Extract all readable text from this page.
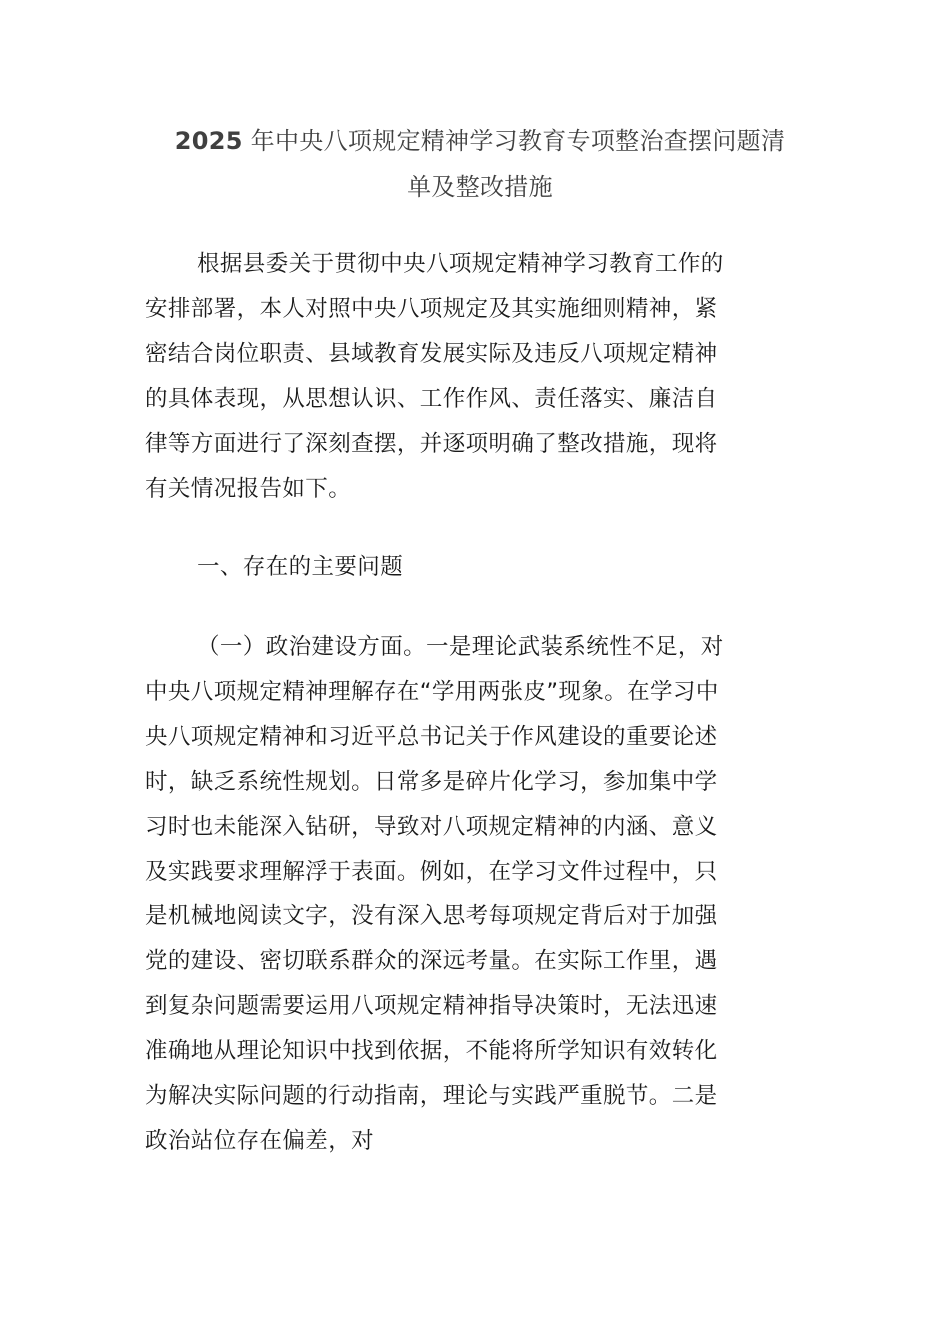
2025 年中央八项规定精神学习教育专项整治查摆问题清
单及整改措施
根据县委关于贯彻中央八项规定精神学习教育工作的
安排部署，本人对照中央八项规定及其实施细则精神，紧
密结合岗位职责、县域教育发展实际及违反八项规定精神
的具体表现，从思想认识、工作作风、责任落实、廉洁自
律等方面进行了深刻查摆，并逐项明确了整改措施，现将
有关情况报告如下。
一、存在的主要问题
（一）政治建设方面。一是理论武装系统性不足，对
中央八项规定精神理解存在“学用两张皮”现象。在学习中
央八项规定精神和习近平总书记关于作风建设的重要论述
时，缺乏系统性规划。日常多是碎片化学习，参加集中学
习时也未能深入钻研，导致对八项规定精神的内涵、意义
及实践要求理解浮于表面。例如，在学习文件过程中，只
是机械地阅读文字，没有深入思考每项规定背后对于加强
党的建设、密切联系群众的深远考量。在实际工作里，遇
到复杂问题需要运用八项规定精神指导决策时，无法迅速
准确地从理论知识中找到依据，不能将所学知识有效转化
为解决实际问题的行动指南，理论与实践严重脱节。二是
政治站位存在偏差，对
